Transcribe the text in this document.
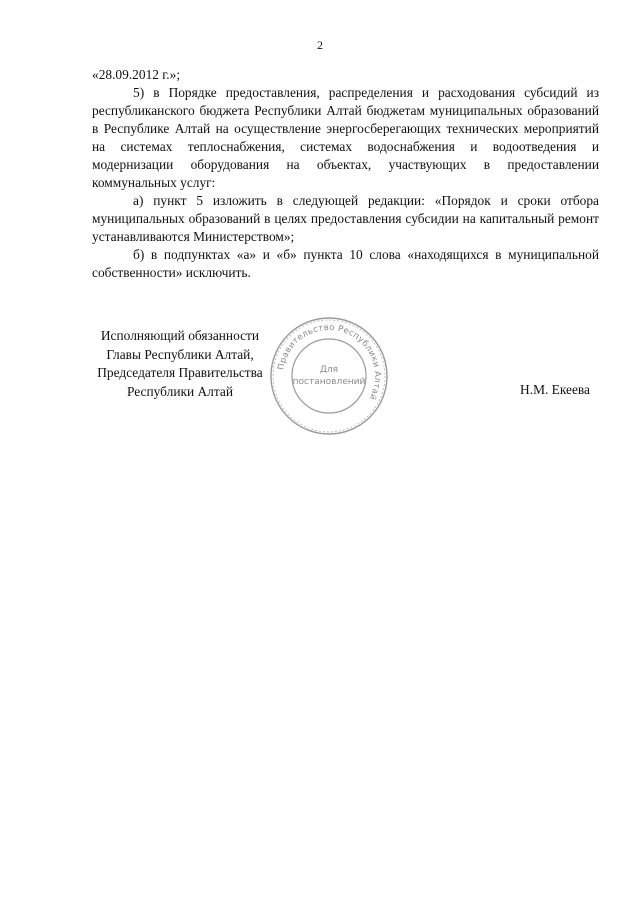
2

«28.09.2012 г.»;

5) в Порядке предоставления, распределения и расходования субсидий из республиканского бюджета Республики Алтай бюджетам муниципальных образований в Республике Алтай на осуществление энергосберегающих технических мероприятий на системах теплоснабжения, системах водоснабжения и водоотведения и модернизации оборудования на объектах, участвующих в предоставлении коммунальных услуг:

а) пункт 5 изложить в следующей редакции: «Порядок и сроки отбора муниципальных образований в целях предоставления субсидии на капитальный ремонт устанавливаются Министерством»;

б) в подпунктах «а» и «б» пункта 10 слова «находящихся в муниципальной собственности» исключить.

Исполняющий обязанности
Главы Республики Алтай,
Председателя Правительства
Республики Алтай
Правительство Республики Алтай
Для
постановлений	Н.М. Екеева
